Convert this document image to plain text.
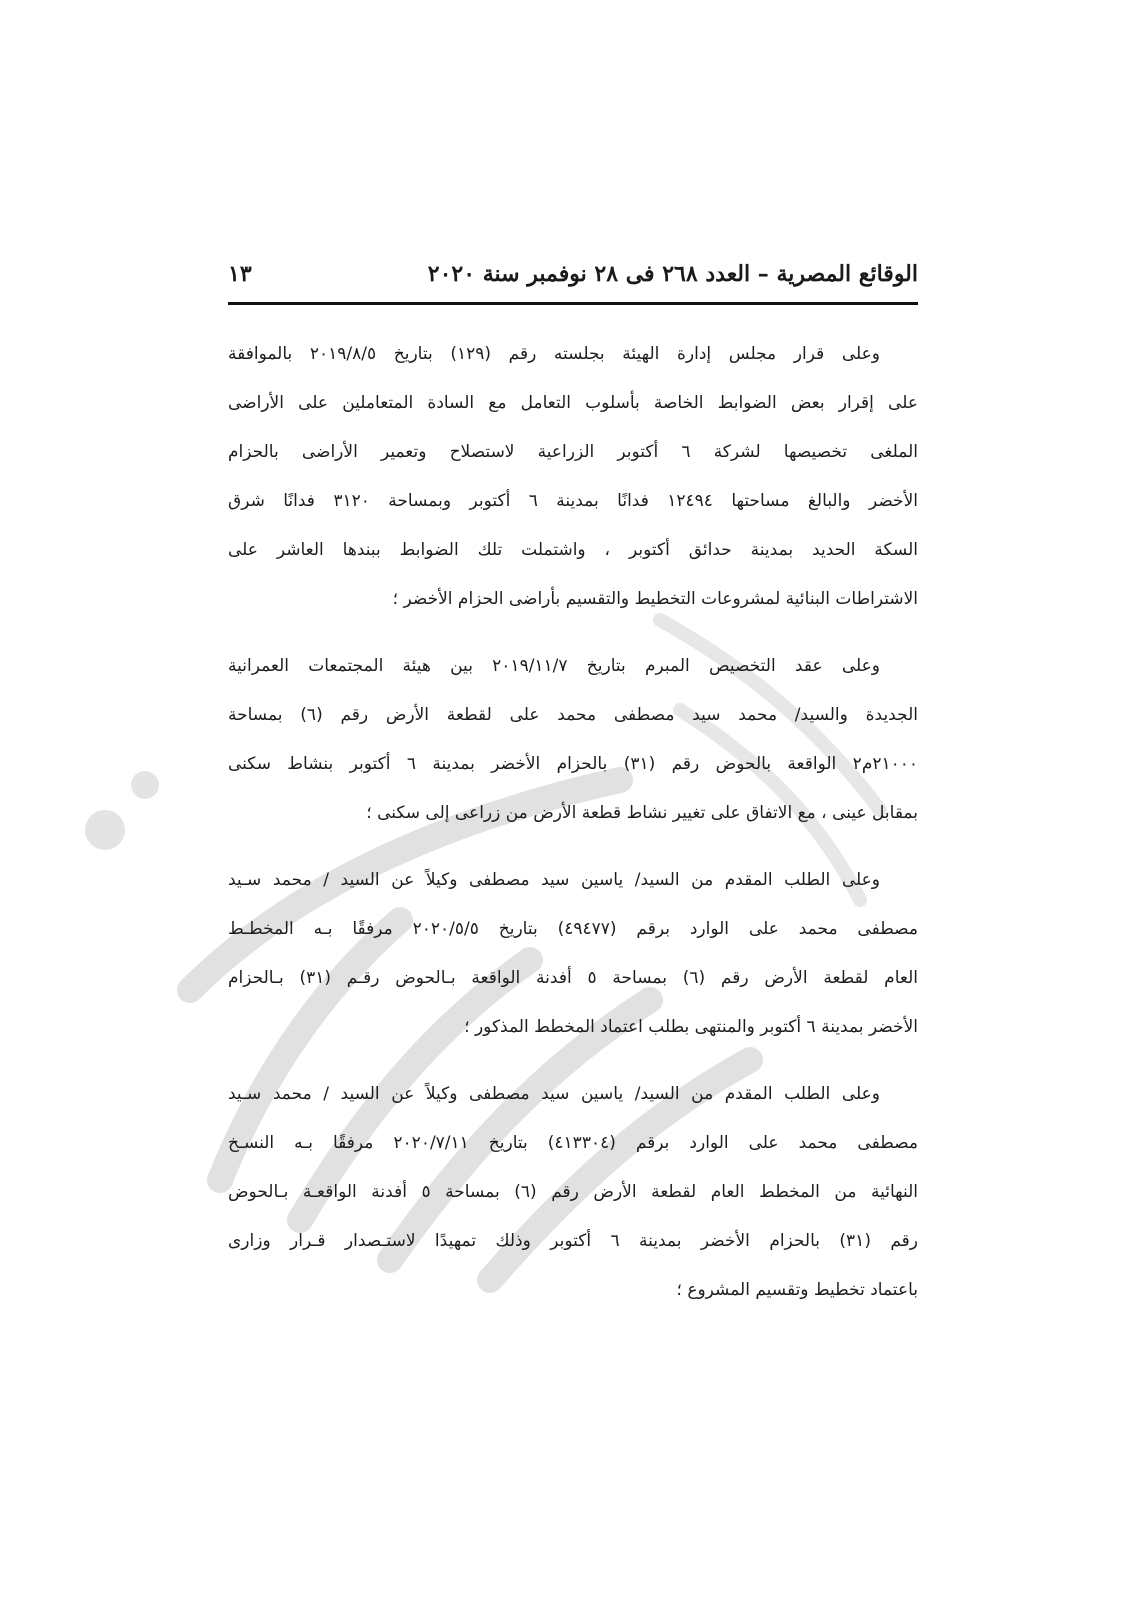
الوقائع المصرية – العدد ٢٦٨ فى ٢٨ نوفمبر سنة ٢٠٢٠
١٣

وعلى قرار مجلس إدارة الهيئة بجلسته رقم (١٢٩) بتاريخ ٢٠١٩/٨/٥ بالموافقة
على إقرار بعض الضوابط الخاصة بأسلوب التعامل مع السادة المتعاملين على الأراضى
الملغى تخصيصها لشركة ٦ أكتوبر الزراعية لاستصلاح وتعمير الأراضى بالحزام
الأخضر والبالغ مساحتها ١٢٤٩٤ فدانًا بمدينة ٦ أكتوبر وبمساحة ٣١٢٠ فدانًا شرق
السكة الحديد بمدينة حدائق أكتوبر ، واشتملت تلك الضوابط ببندها العاشر على
الاشتراطات البنائية لمشروعات التخطيط والتقسيم بأراضى الحزام الأخضر ؛

وعلى عقد التخصيص المبرم بتاريخ ٢٠١٩/١١/٧ بين هيئة المجتمعات العمرانية
الجديدة والسيد/ محمد سيد مصطفى محمد على لقطعة الأرض رقم (٦) بمساحة
٢١٠٠٠م٢ الواقعة بالحوض رقم (٣١) بالحزام الأخضر بمدينة ٦ أكتوبر بنشاط سكنى
بمقابل عينى ، مع الاتفاق على تغيير نشاط قطعة الأرض من زراعى إلى سكنى ؛

وعلى الطلب المقدم من السيد/ ياسين سيد مصطفى وكيلاً عن السيد / محمد سـيد
مصطفى محمد على الوارد برقم (٤٩٤٧٧) بتاريخ ٢٠٢٠/٥/٥ مرفقًا بـه المخطـط
العام لقطعة الأرض رقم (٦) بمساحة ٥ أفدنة الواقعة بـالحوض رقـم (٣١) بـالحزام
الأخضر بمدينة ٦ أكتوبر والمنتهى بطلب اعتماد المخطط المذكور ؛

وعلى الطلب المقدم من السيد/ ياسين سيد مصطفى وكيلاً عن السيد / محمد سـيد
مصطفى محمد على الوارد برقم (٤١٣٣٠٤) بتاريخ ٢٠٢٠/٧/١١ مرفقًا بـه النسـخ
النهائية من المخطط العام لقطعة الأرض رقم (٦) بمساحة ٥ أفدنة الواقعـة بـالحوض
رقم (٣١) بالحزام الأخضر بمدينة ٦ أكتوبر وذلك تمهيدًا لاستـصدار قـرار وزارى
باعتماد تخطيط وتقسيم المشروع ؛
